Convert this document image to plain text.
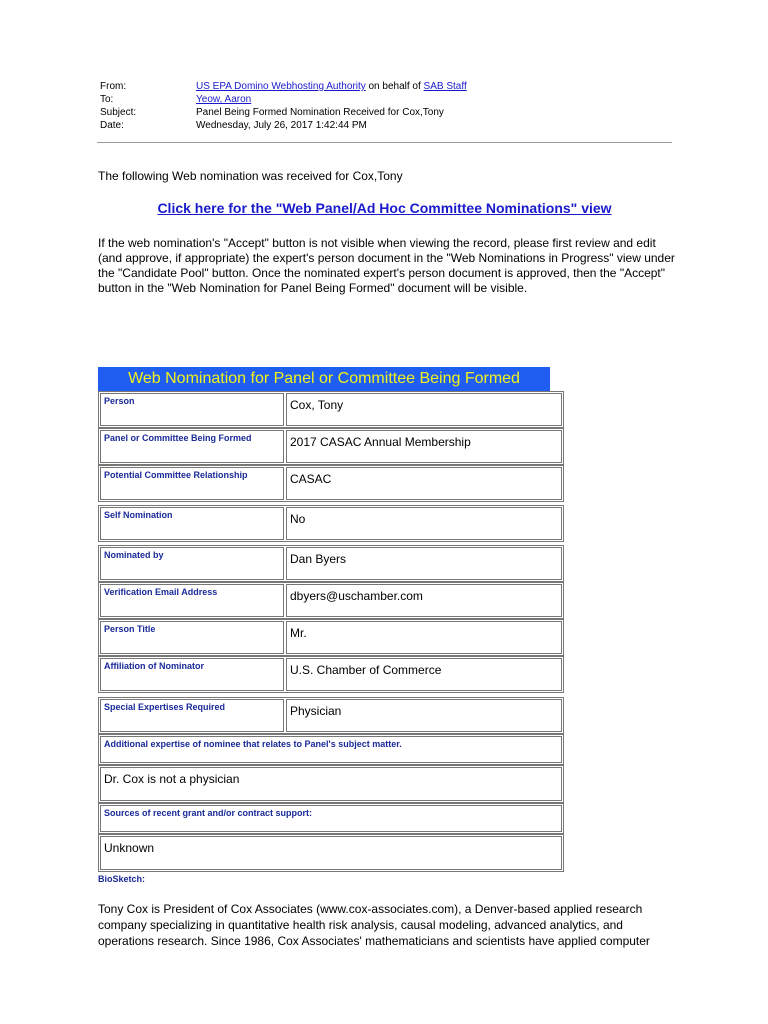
From:	US EPA Domino Webhosting Authority on behalf of SAB Staff
To:	Yeow, Aaron
Subject:	Panel Being Formed Nomination Received for Cox,Tony
Date:	Wednesday, July 26, 2017 1:42:44 PM
The following Web nomination was received for Cox,Tony
Click here for the "Web Panel/Ad Hoc Committee Nominations" view
If the web nomination's "Accept" button is not visible when viewing the record, please first review and edit (and approve, if appropriate) the expert's person document in the "Web Nominations in Progress" view under the "Candidate Pool" button. Once the nominated expert's person document is approved, then the "Accept" button in the "Web Nomination for Panel Being Formed" document will be visible.
Web Nomination for Panel or Committee Being Formed
Person	Cox, Tony
Panel or Committee Being Formed	2017 CASAC Annual Membership
Potential Committee Relationship	CASAC
Self Nomination	No
Nominated by	Dan Byers
Verification Email Address	dbyers@uschamber.com
Person Title	Mr.
Affiliation of Nominator	U.S. Chamber of Commerce
Special Expertises Required	Physician
Additional expertise of nominee that relates to Panel's subject matter.
Dr. Cox is not a physician
Sources of recent grant and/or contract support:
Unknown
BioSketch:
Tony Cox is President of Cox Associates (www.cox-associates.com), a Denver-based applied research company specializing in quantitative health risk analysis, causal modeling, advanced analytics, and operations research. Since 1986, Cox Associates' mathematicians and scientists have applied computer
